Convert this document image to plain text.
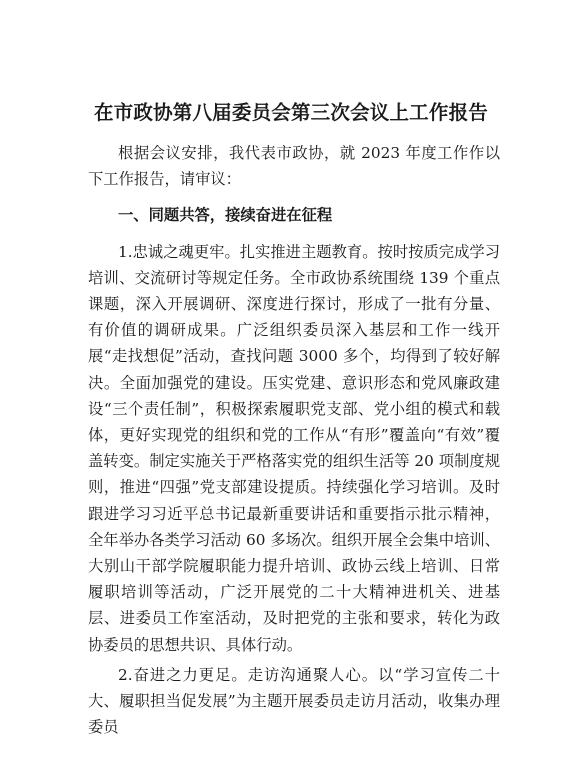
在市政协第八届委员会第三次会议上工作报告

根据会议安排，我代表市政协，就 2023 年度工作作以下工作报告，请审议：

一、同题共答，接续奋进在征程

1.忠诚之魂更牢。扎实推进主题教育。按时按质完成学习培训、交流研讨等规定任务。全市政协系统围绕 139 个重点课题，深入开展调研、深度进行探讨，形成了一批有分量、有价值的调研成果。广泛组织委员深入基层和工作一线开展“走找想促”活动，查找问题 3000 多个，均得到了较好解决。全面加强党的建设。压实党建、意识形态和党风廉政建设“三个责任制”，积极探索履职党支部、党小组的模式和载体，更好实现党的组织和党的工作从“有形”覆盖向“有效”覆盖转变。制定实施关于严格落实党的组织生活等 20 项制度规则，推进“四强”党支部建设提质。持续强化学习培训。及时跟进学习习近平总书记最新重要讲话和重要指示批示精神，全年举办各类学习活动 60 多场次。组织开展全会集中培训、大别山干部学院履职能力提升培训、政协云线上培训、日常履职培训等活动，广泛开展党的二十大精神进机关、进基层、进委员工作室活动，及时把党的主张和要求，转化为政协委员的思想共识、具体行动。

2.奋进之力更足。走访沟通聚人心。以“学习宣传二十大、履职担当促发展”为主题开展委员走访月活动，收集办理委员
